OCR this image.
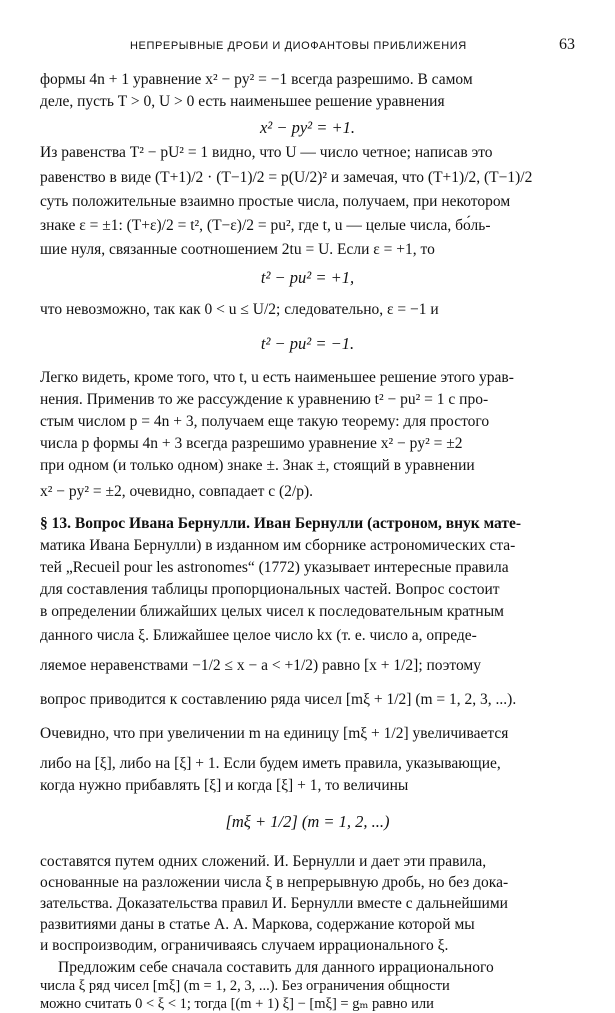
НЕПРЕРЫВНЫЕ ДРОБИ И ДИОФАНТОВЫ ПРИБЛИЖЕНИЯ	63
формы 4n + 1 уравнение x² − py² = −1 всегда разрешимо. В самом
деле, пусть T > 0, U > 0 есть наименьшее решение уравнения
x² − py² = +1.
Из равенства T² − pU² = 1 видно, что U — число четное; написав это
равенство в виде (T+1)/2 · (T−1)/2 = p(U/2)² и замечая, что (T+1)/2, (T−1)/2
суть положительные взаимно простые числа, получаем, при некотором
знаке ε = ±1: (T+ε)/2 = t², (T−ε)/2 = pu², где t, u — целые числа, бо́ль-
шие нуля, связанные соотношением 2tu = U. Если ε = +1, то
t² − pu² = +1,
что невозможно, так как 0 < u ≤ U/2; следовательно, ε = −1 и
t² − pu² = −1.
Легко видеть, кроме того, что t, u есть наименьшее решение этого урав-
нения. Применив то же рассуждение к уравнению t² − pu² = 1 с про-
стым числом p = 4n + 3, получаем еще такую теорему: для простого
числа p формы 4n + 3 всегда разрешимо уравнение x² − py² = ±2
при одном (и только одном) знаке ±. Знак ±, стоящий в уравнении
x² − py² = ±2, очевидно, совпадает с (2/p).
§ 13. Вопрос Ивана Бернулли. Иван Бернулли (астроном, внук мате-
матика Ивана Бернулли) в изданном им сборнике астрономических ста-
тей „Recueil pour les astronomes“ (1772) указывает интересные правила
для составления таблицы пропорциональных частей. Вопрос состоит
в определении ближайших целых чисел к последовательным кратным
данного числа ξ. Ближайшее целое число kx (т. е. число a, опреде-
ляемое неравенствами −1/2 ≤ x − a < +1/2) равно [x + 1/2]; поэтому
вопрос приводится к составлению ряда чисел [mξ + 1/2] (m = 1, 2, 3, ...).
Очевидно, что при увеличении m на единицу [mξ + 1/2] увеличивается
либо на [ξ], либо на [ξ] + 1. Если будем иметь правила, указывающие,
когда нужно прибавлять [ξ] и когда [ξ] + 1, то величины
[mξ + 1/2] (m = 1, 2, ...)
составятся путем одних сложений. И. Бернулли и дает эти правила,
основанные на разложении числа ξ в непрерывную дробь, но без дока-
зательства. Доказательства правил И. Бернулли вместе с дальнейшими
развитиями даны в статье А. А. Маркова, содержание которой мы
и воспроизводим, ограничиваясь случаем иррационального ξ.
Предложим себе сначала составить для данного иррационального
числа ξ ряд чисел [mξ] (m = 1, 2, 3, ...). Без ограничения общности
можно считать 0 < ξ < 1; тогда [(m + 1) ξ] − [mξ] = gₘ равно или
